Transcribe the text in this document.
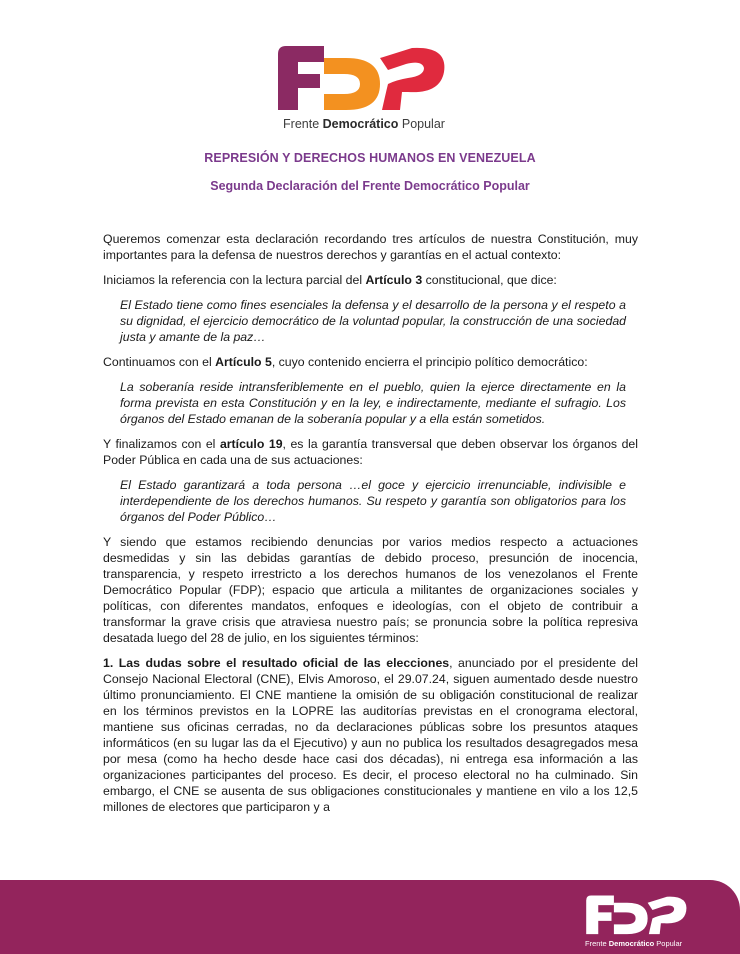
Frente Democrático Popular
REPRESIÓN Y DERECHOS HUMANOS EN VENEZUELA
Segunda Declaración del Frente Democrático Popular

Queremos comenzar esta declaración recordando tres artículos de nuestra Constitución, muy importantes para la defensa de nuestros derechos y garantías en el actual contexto:

Iniciamos la referencia con la lectura parcial del Artículo 3 constitucional, que dice:

El Estado tiene como fines esenciales la defensa y el desarrollo de la persona y el respeto a su dignidad, el ejercicio democrático de la voluntad popular, la construcción de una sociedad justa y amante de la paz…

Continuamos con el Artículo 5, cuyo contenido encierra el principio político democrático:

La soberanía reside intransferiblemente en el pueblo, quien la ejerce directamente en la forma prevista en esta Constitución y en la ley, e indirectamente, mediante el sufragio. Los órganos del Estado emanan de la soberanía popular y a ella están sometidos.

Y finalizamos con el artículo 19, es la garantía transversal que deben observar los órganos del Poder Pública en cada una de sus actuaciones:

El Estado garantizará a toda persona …el goce y ejercicio irrenunciable, indivisible e interdependiente de los derechos humanos. Su respeto y garantía son obligatorios para los órganos del Poder Público…

Y siendo que estamos recibiendo denuncias por varios medios respecto a actuaciones desmedidas y sin las debidas garantías de debido proceso, presunción de inocencia, transparencia, y respeto irrestricto a los derechos humanos de los venezolanos el Frente Democrático Popular (FDP); espacio que articula a militantes de organizaciones sociales y políticas, con diferentes mandatos, enfoques e ideologías, con el objeto de contribuir a transformar la grave crisis que atraviesa nuestro país; se pronuncia sobre la política represiva desatada luego del 28 de julio, en los siguientes términos:

1. Las dudas sobre el resultado oficial de las elecciones, anunciado por el presidente del Consejo Nacional Electoral (CNE), Elvis Amoroso, el 29.07.24, siguen aumentado desde nuestro último pronunciamiento. El CNE mantiene la omisión de su obligación constitucional de realizar en los términos previstos en la LOPRE las auditorías previstas en el cronograma electoral, mantiene sus oficinas cerradas, no da declaraciones públicas sobre los presuntos ataques informáticos (en su lugar las da el Ejecutivo) y aun no publica los resultados desagregados mesa por mesa (como ha hecho desde hace casi dos décadas), ni entrega esa información a las organizaciones participantes del proceso. Es decir, el proceso electoral no ha culminado. Sin embargo, el CNE se ausenta de sus obligaciones constitucionales y mantiene en vilo a los 12,5 millones de electores que participaron y a

Frente Democrático Popular
